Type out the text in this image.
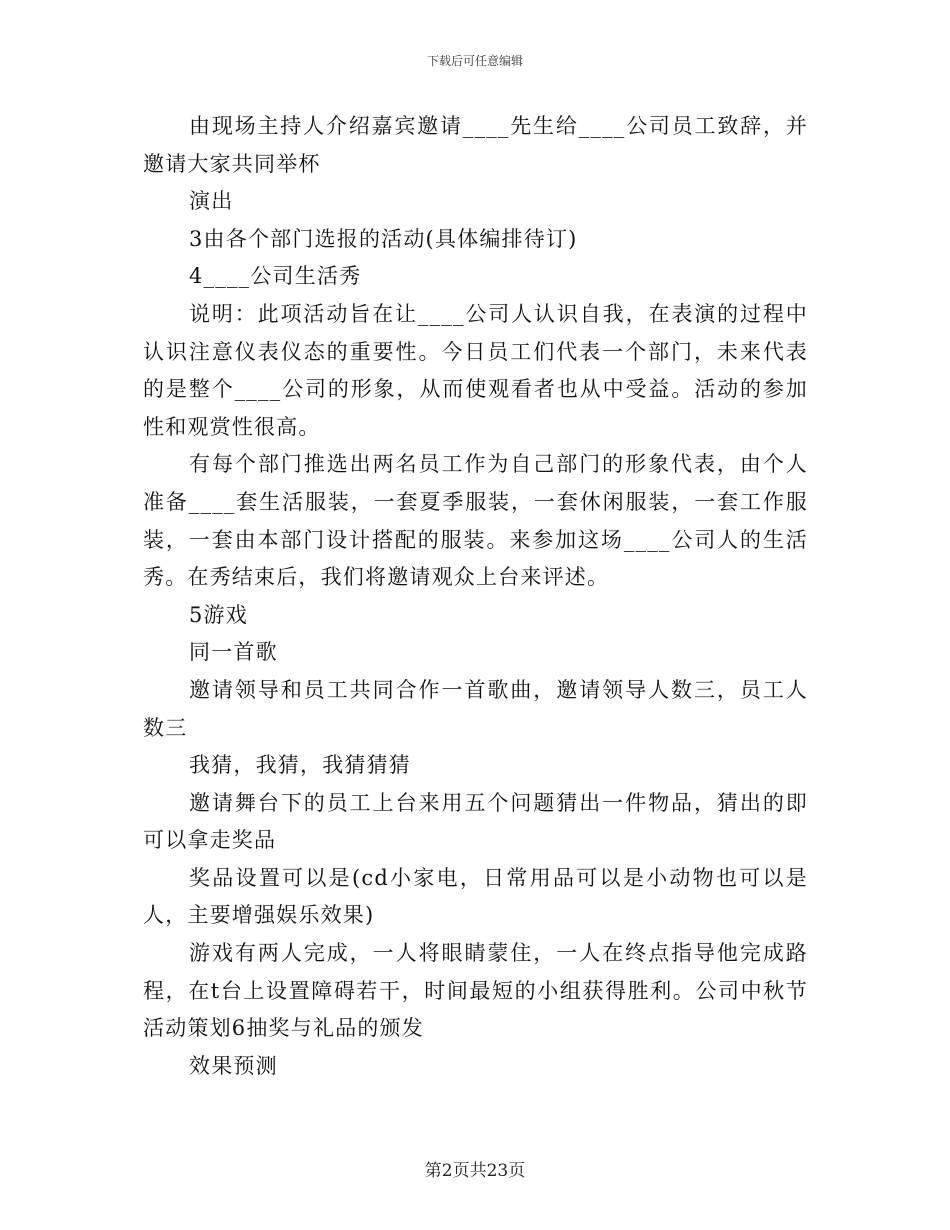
下载后可任意编辑

由现场主持人介绍嘉宾邀请____先生给____公司员工致辞，并邀请大家共同举杯

演出

3由各个部门选报的活动(具体编排待订)

4____公司生活秀

说明：此项活动旨在让____公司人认识自我，在表演的过程中认识注意仪表仪态的重要性。今日员工们代表一个部门，未来代表的是整个____公司的形象，从而使观看者也从中受益。活动的参加性和观赏性很高。

有每个部门推选出两名员工作为自己部门的形象代表，由个人准备____套生活服装，一套夏季服装，一套休闲服装，一套工作服装，一套由本部门设计搭配的服装。来参加这场____公司人的生活秀。在秀结束后，我们将邀请观众上台来评述。

5游戏

同一首歌

邀请领导和员工共同合作一首歌曲，邀请领导人数三，员工人数三

我猜，我猜，我猜猜猜

邀请舞台下的员工上台来用五个问题猜出一件物品，猜出的即可以拿走奖品

奖品设置可以是(cd小家电，日常用品可以是小动物也可以是人，主要增强娱乐效果)

游戏有两人完成，一人将眼睛蒙住，一人在终点指导他完成路程，在t台上设置障碍若干，时间最短的小组获得胜利。公司中秋节活动策划6抽奖与礼品的颁发

效果预测

第2页共23页
